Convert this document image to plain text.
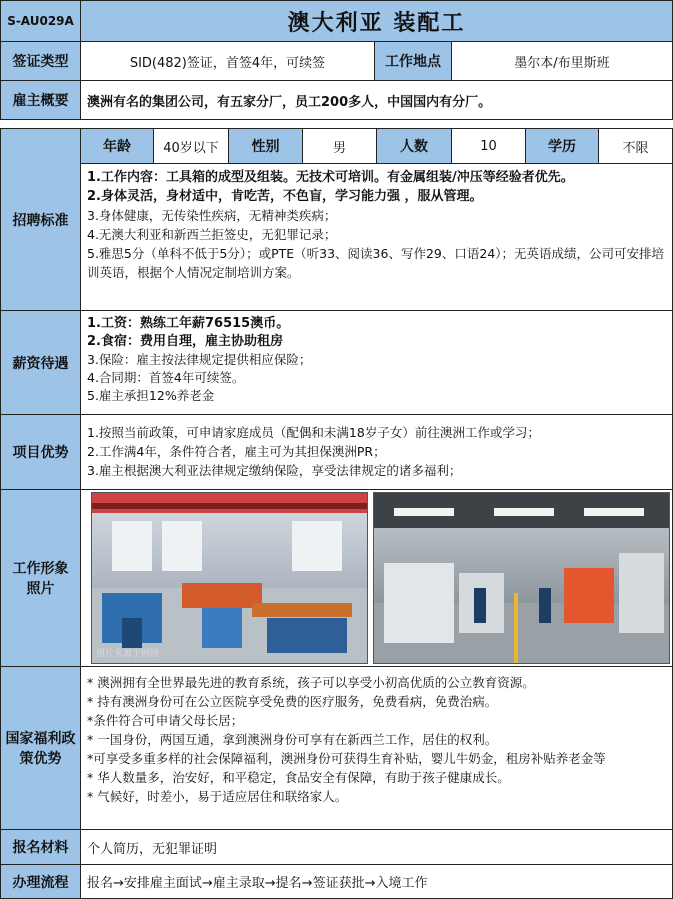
S-AU029A	澳大利亚 装配工
签证类型	SID(482)签证，首签4年，可续签	工作地点	墨尔本/布里斯班
雇主概要	澳洲有名的集团公司，有五家分厂，员工200多人，中国国内有分厂。
招聘标准
年龄	40岁以下	性别	男	人数	10	学历	不限
1.工作内容：工具箱的成型及组装。无技术可培训。有金属组装/冲压等经验者优先。
2.身体灵活，身材适中，肯吃苦，不色盲，学习能力强 ，服从管理。
3.身体健康，无传染性疾病，无精神类疾病；
4.无澳大利亚和新西兰拒签史，无犯罪记录；
5.雅思5分（单科不低于5分）；或PTE（听33、阅读36、写作29、口语24）；无英语成绩，公司可安排培训英语，根据个人情况定制培训方案。
薪资待遇
1.工资：熟练工年薪76515澳币。
2.食宿：费用自理，雇主协助租房
3.保险：雇主按法律规定提供相应保险；
4.合同期：首签4年可续签。
5.雇主承担12%养老金
项目优势
1.按照当前政策，可申请家庭成员（配偶和未满18岁子女）前往澳洲工作或学习；
2.工作满4年，条件符合者，雇主可为其担保澳洲PR；
3.雇主根据澳大利亚法律规定缴纳保险，享受法律规定的诸多福利；
工作形象照片
图片来源于网络
国家福利政策优势
* 澳洲拥有全世界最先进的教育系统，孩子可以享受小初高优质的公立教育资源。
* 持有澳洲身份可在公立医院享受免费的医疗服务，免费看病，免费治病。
*条件符合可申请父母长居；
* 一国身份，两国互通，拿到澳洲身份可享有在新西兰工作，居住的权利。
*可享受多重多样的社会保障福利，澳洲身份可获得生育补贴，婴儿牛奶金，租房补贴养老金等
* 华人数量多，治安好，和平稳定，食品安全有保障，有助于孩子健康成长。
* 气候好，时差小，易于适应居住和联络家人。
报名材料	个人简历，无犯罪证明
办理流程	报名→安排雇主面试→雇主录取→提名→签证获批→入境工作
